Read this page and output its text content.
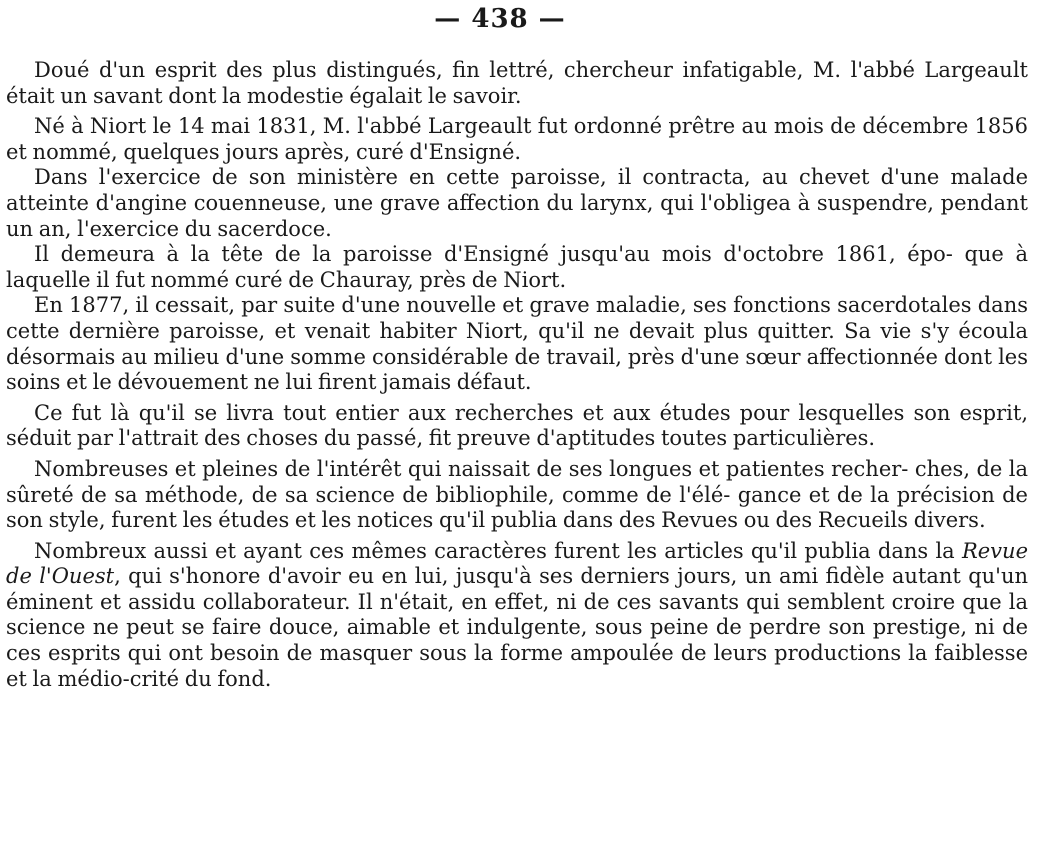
— 438 —

Doué d'un esprit des plus distingués, fin lettré, chercheur infatigable, M. l'abbé Largeault était un savant dont la modestie égalait le savoir.

Né à Niort le 14 mai 1831, M. l'abbé Largeault fut ordonné prêtre au mois de décembre 1856 et nommé, quelques jours après, curé d'Ensigné.

Dans l'exercice de son ministère en cette paroisse, il contracta, au chevet d'une malade atteinte d'angine couenneuse, une grave affection du larynx, qui l'obligea à suspendre, pendant un an, l'exercice du sacerdoce.

Il demeura à la tête de la paroisse d'Ensigné jusqu'au mois d'octobre 1861, épo- que à laquelle il fut nommé curé de Chauray, près de Niort.

En 1877, il cessait, par suite d'une nouvelle et grave maladie, ses fonctions sacerdotales dans cette dernière paroisse, et venait habiter Niort, qu'il ne devait plus quitter. Sa vie s'y écoula désormais au milieu d'une somme considérable de travail, près d'une sœur affectionnée dont les soins et le dévouement ne lui firent jamais défaut.

Ce fut là qu'il se livra tout entier aux recherches et aux études pour lesquelles son esprit, séduit par l'attrait des choses du passé, fit preuve d'aptitudes toutes particulières.

Nombreuses et pleines de l'intérêt qui naissait de ses longues et patientes recher- ches, de la sûreté de sa méthode, de sa science de bibliophile, comme de l'élé- gance et de la précision de son style, furent les études et les notices qu'il publia dans des Revues ou des Recueils divers.

Nombreux aussi et ayant ces mêmes caractères furent les articles qu'il publia dans la Revue de l'Ouest, qui s'honore d'avoir eu en lui, jusqu'à ses derniers jours, un ami fidèle autant qu'un éminent et assidu collaborateur. Il n'était, en effet, ni de ces savants qui semblent croire que la science ne peut se faire douce, aimable et indulgente, sous peine de perdre son prestige, ni de ces esprits qui ont besoin de masquer sous la forme ampoulée de leurs productions la faiblesse et la médio-crité du fond.
